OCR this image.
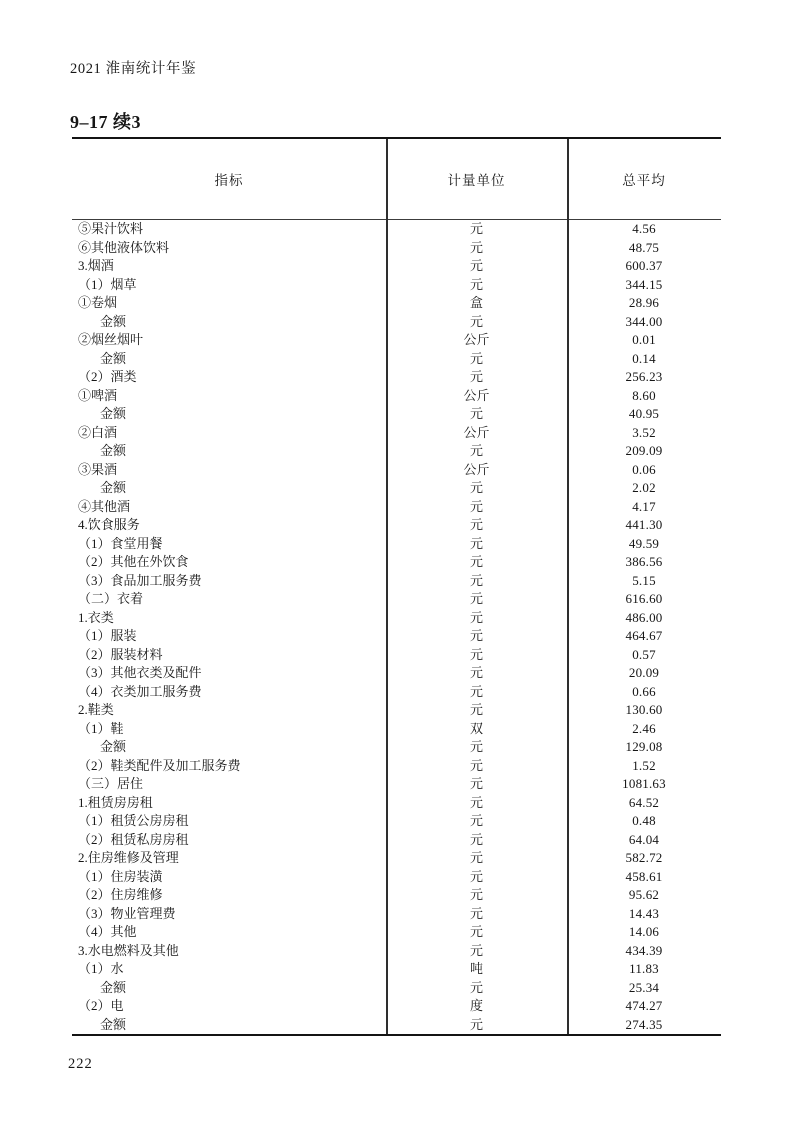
2021 淮南统计年鉴
9–17 续3
指标	计量单位	总平均
⑤果汁饮料	元	4.56
⑥其他液体饮料	元	48.75
3.烟酒	元	600.37
（1）烟草	元	344.15
①卷烟	盒	28.96
金额	元	344.00
②烟丝烟叶	公斤	0.01
金额	元	0.14
（2）酒类	元	256.23
①啤酒	公斤	8.60
金额	元	40.95
②白酒	公斤	3.52
金额	元	209.09
③果酒	公斤	0.06
金额	元	2.02
④其他酒	元	4.17
4.饮食服务	元	441.30
（1）食堂用餐	元	49.59
（2）其他在外饮食	元	386.56
（3）食品加工服务费	元	5.15
（二）衣着	元	616.60
1.衣类	元	486.00
（1）服装	元	464.67
（2）服装材料	元	0.57
（3）其他衣类及配件	元	20.09
（4）衣类加工服务费	元	0.66
2.鞋类	元	130.60
（1）鞋	双	2.46
金额	元	129.08
（2）鞋类配件及加工服务费	元	1.52
（三）居住	元	1081.63
1.租赁房房租	元	64.52
（1）租赁公房房租	元	0.48
（2）租赁私房房租	元	64.04
2.住房维修及管理	元	582.72
（1）住房装潢	元	458.61
（2）住房维修	元	95.62
（3）物业管理费	元	14.43
（4）其他	元	14.06
3.水电燃料及其他	元	434.39
（1）水	吨	11.83
金额	元	25.34
（2）电	度	474.27
金额	元	274.35
222
